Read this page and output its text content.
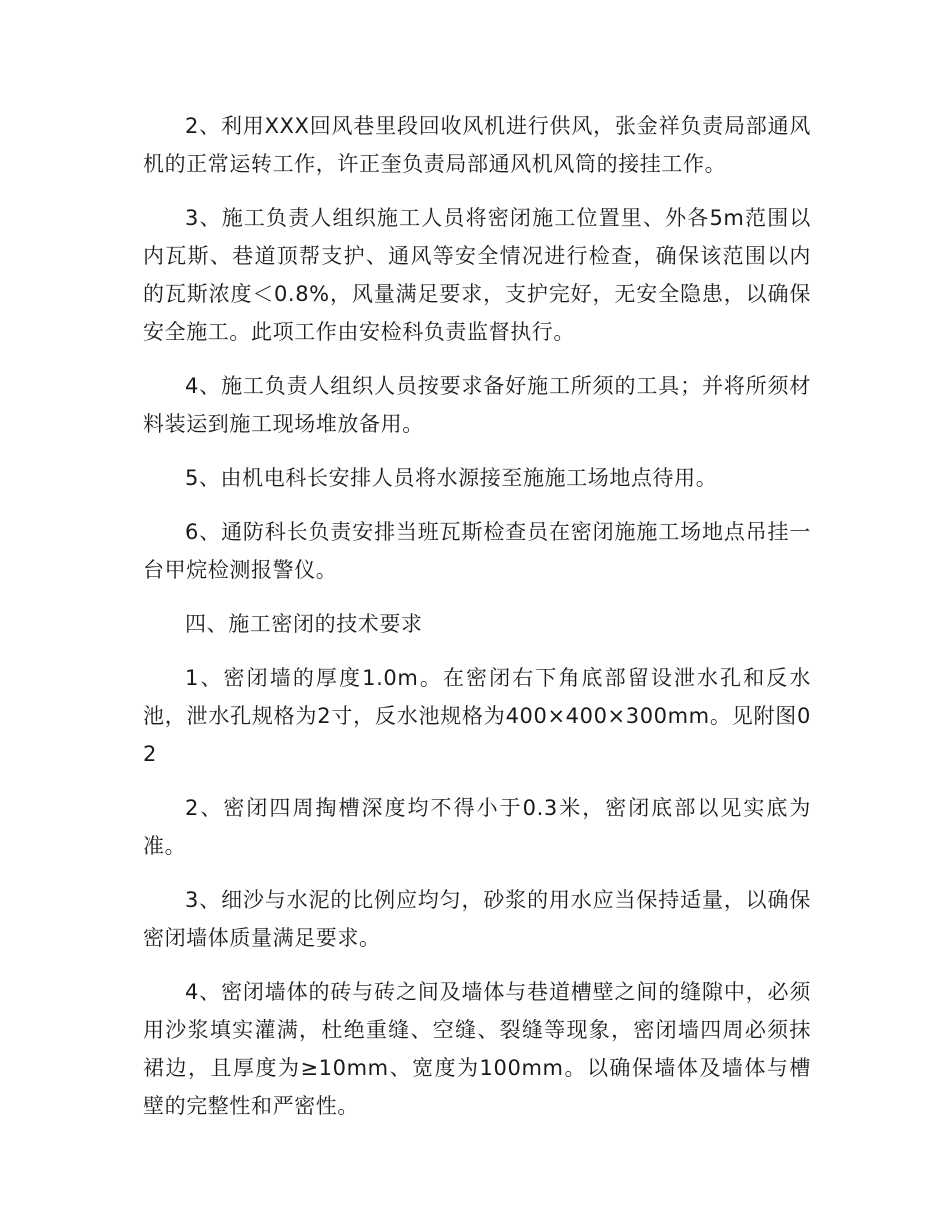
2、利用XXX回风巷里段回收风机进行供风，张金祥负责局部通风机的正常运转工作，许正奎负责局部通风机风筒的接挂工作。

3、施工负责人组织施工人员将密闭施工位置里、外各5m范围以内瓦斯、巷道顶帮支护、通风等安全情况进行检查，确保该范围以内的瓦斯浓度＜0.8%，风量满足要求，支护完好，无安全隐患，以确保安全施工。此项工作由安检科负责监督执行。

4、施工负责人组织人员按要求备好施工所须的工具；并将所须材料装运到施工现场堆放备用。

5、由机电科长安排人员将水源接至施施工场地点待用。

6、通防科长负责安排当班瓦斯检查员在密闭施施工场地点吊挂一台甲烷检测报警仪。

四、施工密闭的技术要求

1、密闭墙的厚度1.0m。在密闭右下角底部留设泄水孔和反水池，泄水孔规格为2寸，反水池规格为400×400×300mm。见附图02

2、密闭四周掏槽深度均不得小于0.3米，密闭底部以见实底为准。

3、细沙与水泥的比例应均匀，砂浆的用水应当保持适量，以确保密闭墙体质量满足要求。

4、密闭墙体的砖与砖之间及墙体与巷道槽壁之间的缝隙中，必须用沙浆填实灌满，杜绝重缝、空缝、裂缝等现象，密闭墙四周必须抹裙边，且厚度为≥10mm、宽度为100mm。以确保墙体及墙体与槽壁的完整性和严密性。
